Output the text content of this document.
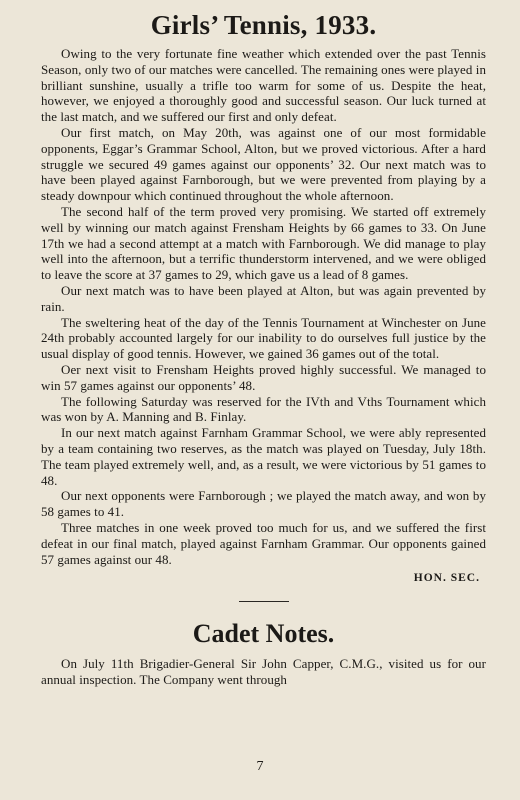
Girls’ Tennis, 1933.

Owing to the very fortunate fine weather which extended over the past Tennis Season, only two of our matches were cancelled. The remaining ones were played in brilliant sunshine, usually a trifle too warm for some of us. Despite the heat, however, we enjoyed a thoroughly good and successful season. Our luck turned at the last match, and we suffered our first and only defeat.

Our first match, on May 20th, was against one of our most formidable opponents, Eggar’s Grammar School, Alton, but we proved victorious. After a hard struggle we secured 49 games against our opponents’ 32. Our next match was to have been played against Farnborough, but we were prevented from playing by a steady downpour which continued throughout the whole afternoon.

The second half of the term proved very promising. We started off extremely well by winning our match against Frensham Heights by 66 games to 33. On June 17th we had a second attempt at a match with Farnborough. We did manage to play well into the afternoon, but a terrific thunderstorm intervened, and we were obliged to leave the score at 37 games to 29, which gave us a lead of 8 games.

Our next match was to have been played at Alton, but was again prevented by rain.

The sweltering heat of the day of the Tennis Tournament at Winchester on June 24th probably accounted largely for our inability to do ourselves full justice by the usual display of good tennis. However, we gained 36 games out of the total.

Oer next visit to Frensham Heights proved highly successful. We managed to win 57 games against our opponents’ 48.

The following Saturday was reserved for the IVth and Vths Tournament which was won by A. Manning and B. Finlay.

In our next match against Farnham Grammar School, we were ably represented by a team containing two reserves, as the match was played on Tuesday, July 18th. The team played extremely well, and, as a result, we were victorious by 51 games to 48.

Our next opponents were Farnborough ; we played the match away, and won by 58 games to 41.

Three matches in one week proved too much for us, and we suffered the first defeat in our final match, played against Farnham Grammar. Our opponents gained 57 games against our 48.

HON. SEC.
Cadet Notes.

On July 11th Brigadier-General Sir John Capper, C.M.G., visited us for our annual inspection. The Company went through

7
